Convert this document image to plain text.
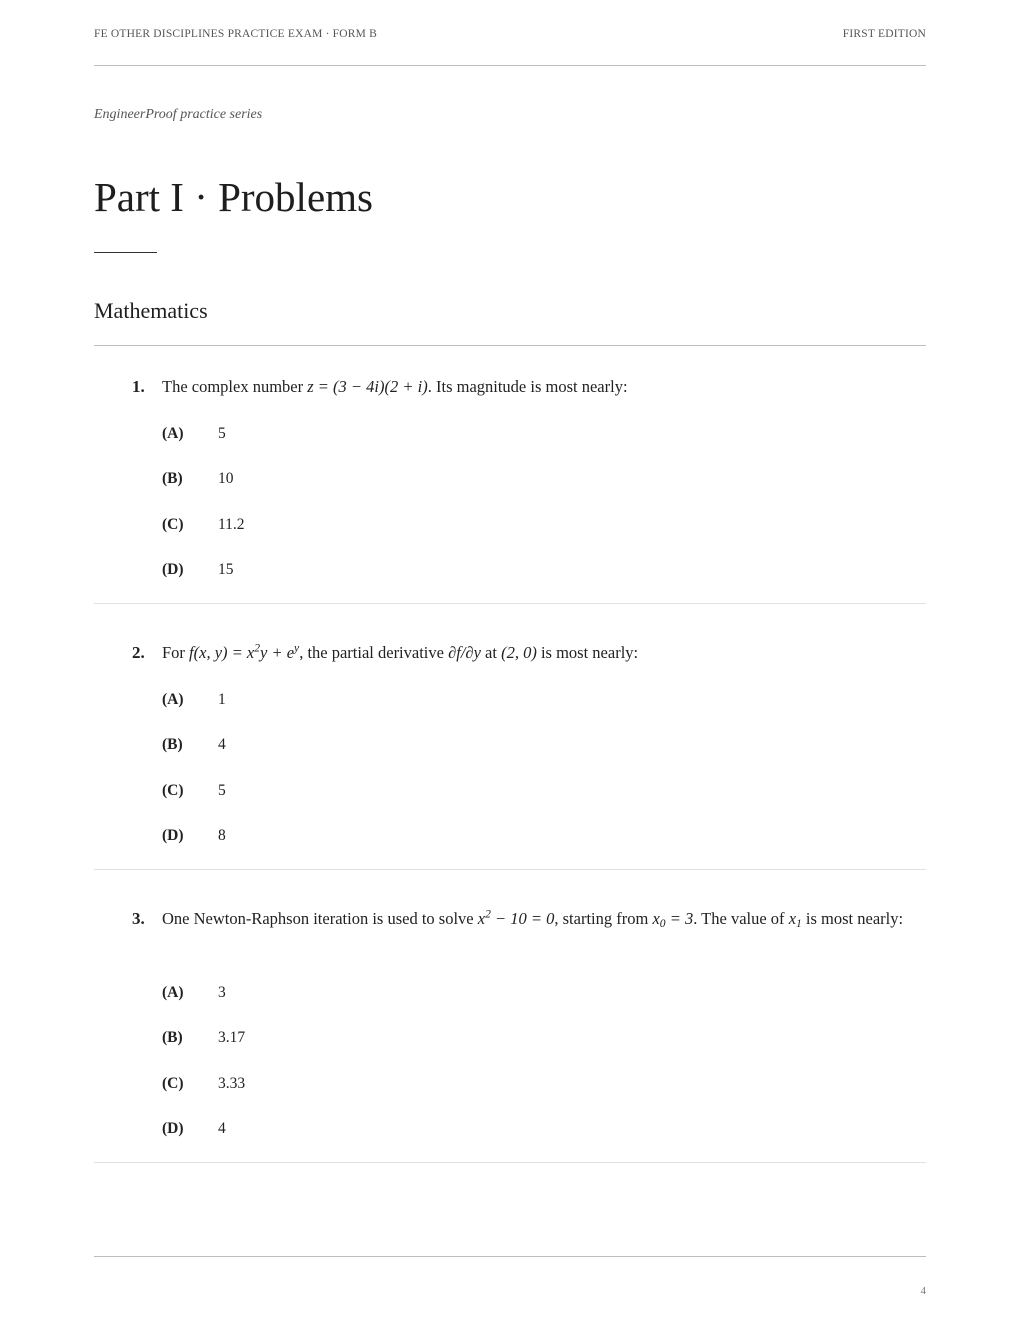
FE OTHER DISCIPLINES PRACTICE EXAM · FORM B	FIRST EDITION
EngineerProof practice series
Part I · Problems
Mathematics
1. The complex number z = (3 − 4i)(2 + i). Its magnitude is most nearly:
(A) 5
(B) 10
(C) 11.2
(D) 15
2. For f(x, $y) = x^2y + e^y$, the partial derivative ∂f/∂y at (2, 0) is most nearly:
(A) 1
(B) 4
(C) 5
(D) 8
3. One Newton-Raphson iteration is used to solve $x^2 - 10 = 0$, starting from $x_0 = 3$. The value of $x_1$ is most nearly:
(A) 3
(B) 3.17
(C) 3.33
(D) 4
4
